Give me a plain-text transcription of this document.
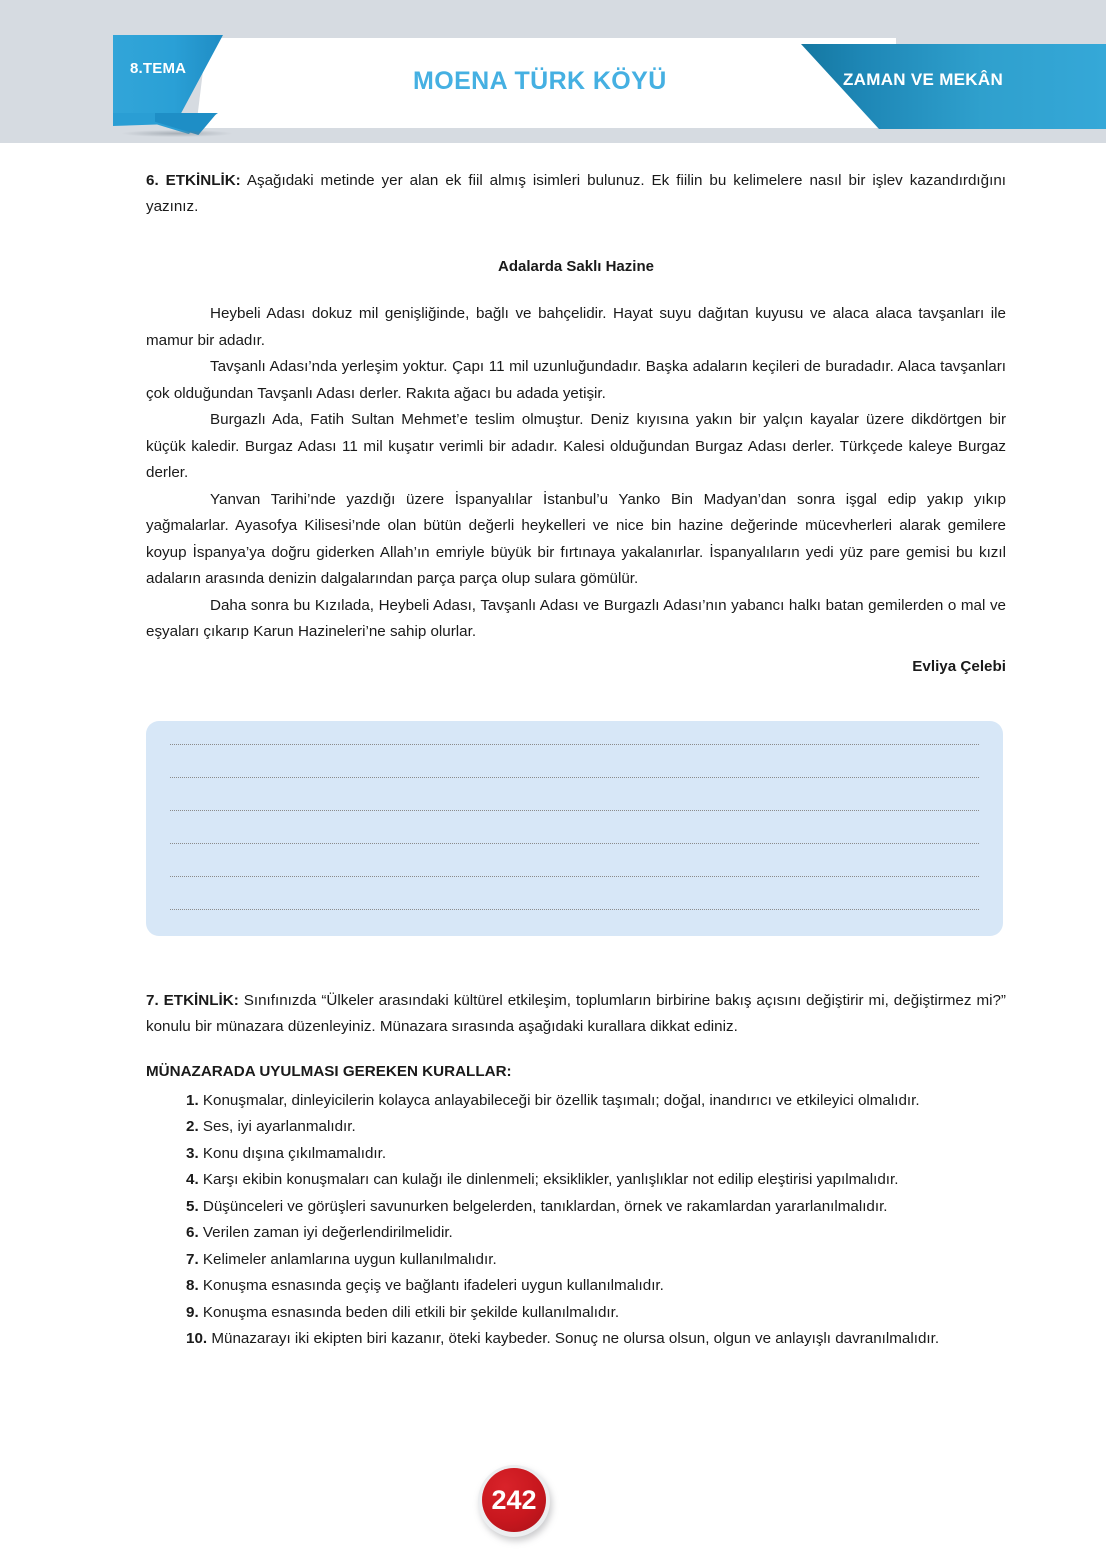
ZAMAN VE MEKÂN
8.TEMA	MOENA TÜRK KÖYÜ

6. ETKİNLİK: Aşağıdaki metinde yer alan ek fiil almış isimleri bulunuz. Ek fiilin bu kelimelere nasıl bir işlev kazandırdığını yazınız.

Adalarda Saklı Hazine

Heybeli Adası dokuz mil genişliğinde, bağlı ve bahçelidir. Hayat suyu dağıtan kuyusu ve alaca alaca tavşanları ile mamur bir adadır.

Tavşanlı Adası’nda yerleşim yoktur. Çapı 11 mil uzunluğundadır. Başka adaların keçileri de buradadır. Alaca tavşanları çok olduğundan Tavşanlı Adası derler. Rakıta ağacı bu adada yetişir.

Burgazlı Ada, Fatih Sultan Mehmet’e teslim olmuştur. Deniz kıyısına yakın bir yalçın kayalar üzere dikdörtgen bir küçük kaledir. Burgaz Adası 11 mil kuşatır verimli bir adadır. Kalesi olduğundan Burgaz Adası derler. Türkçede kaleye Burgaz derler.

Yanvan Tarihi’nde yazdığı üzere İspanyalılar İstanbul’u Yanko Bin Madyan’dan sonra işgal edip yakıp yıkıp yağmalarlar. Ayasofya Kilisesi’nde olan bütün değerli heykelleri ve nice bin hazine değerinde mücevherleri alarak gemilere koyup İspanya’ya doğru giderken Allah’ın emriyle büyük bir fırtınaya yakalanırlar. İspanyalıların yedi yüz pare gemisi bu kızıl adaların arasında denizin dalgalarından parça parça olup sulara gömülür.

Daha sonra bu Kızılada, Heybeli Adası, Tavşanlı Adası ve Burgazlı Adası’nın yabancı halkı batan gemilerden o mal ve eşyaları çıkarıp Karun Hazineleri’ne sahip olurlar.

Evliya Çelebi

7. ETKİNLİK: Sınıfınızda “Ülkeler arasındaki kültürel etkileşim, toplumların birbirine bakış açısını değiştirir mi, değiştirmez mi?” konulu bir münazara düzenleyiniz. Münazara sırasında aşağıdaki kurallara dikkat ediniz.

MÜNAZARADA UYULMASI GEREKEN KURALLAR:
1. Konuşmalar, dinleyicilerin kolayca anlayabileceği bir özellik taşımalı; doğal, inandırıcı ve etkileyici olmalıdır.
2. Ses, iyi ayarlanmalıdır.
3. Konu dışına çıkılmamalıdır.
4. Karşı ekibin konuşmaları can kulağı ile dinlenmeli; eksiklikler, yanlışlıklar not edilip eleştirisi yapılmalıdır.
5. Düşünceleri ve görüşleri savunurken belgelerden, tanıklardan, örnek ve rakamlardan yararlanılmalıdır.
6. Verilen zaman iyi değerlendirilmelidir.
7. Kelimeler anlamlarına uygun kullanılmalıdır.
8. Konuşma esnasında geçiş ve bağlantı ifadeleri uygun kullanılmalıdır.
9. Konuşma esnasında beden dili etkili bir şekilde kullanılmalıdır.
10. Münazarayı iki ekipten biri kazanır, öteki kaybeder. Sonuç ne olursa olsun, olgun ve anlayışlı davranılmalıdır.
242
